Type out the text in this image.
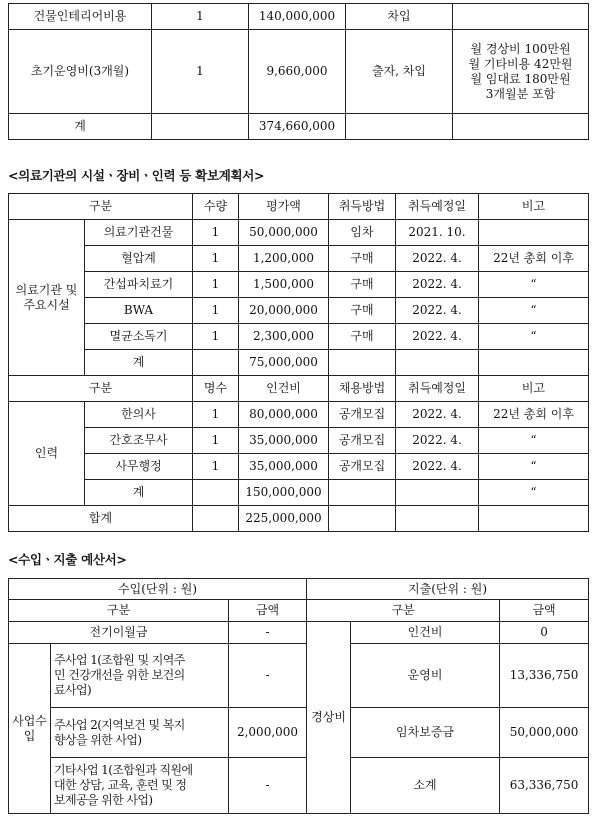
건물인테리어비용	1	140,000,000	차입	
초기운영비(3개월)	1	9,660,000	출자, 차입	월 경상비 100만원
월 기타비용 42만원
월 임대료 180만원
3개월분 포함

계		374,660,000		
<의료기관의 시설ㆍ장비ㆍ인력 등 확보계획서>
구분		수량	평가액	취득방법	취득예정일	비고

의료기관 및
주요시설	의료기관건물	1	50,000,000	임차	2021. 10.	
	혈압계	1	1,200,000	구매	2022. 4.	22년 총회 이후
	간섭파치료기	1	1,500,000	구매	2022. 4.	“
	BWA	1	20,000,000	구매	2022. 4.	“
	멸균소독기	1	2,300,000	구매	2022. 4.	“
	계		75,000,000			
구분		명수	인건비	채용방법	취득예정일	비고
인력	한의사	1	80,000,000	공개모집	2022. 4.	22년 총회 이후
	간호조무사	1	35,000,000	공개모집	2022. 4.	“
	사무행정	1	35,000,000	공개모집	2022. 4.	“
	계		150,000,000			“
합계			225,000,000			
<수입ㆍ지출 예산서>
수입(단위 : 원)			지출(단위 : 원)		
구분		금액	구분		금액
전기이월금		-	경상비	인건비	0

사업수
입	주사업 1(조합원 및 지역주
민 건강개선을 위한 보건의
료사업)	-		운영비	13,336,750

	주사업 2(지역보건 및 복지
향상을 위한 사업)	2,000,000		임차보증금	50,000,000

	기타사업 1(조합원과 직원에
대한 상담, 교육, 훈련 및 정
보제공을 위한 사업)	-		소계	63,336,750
